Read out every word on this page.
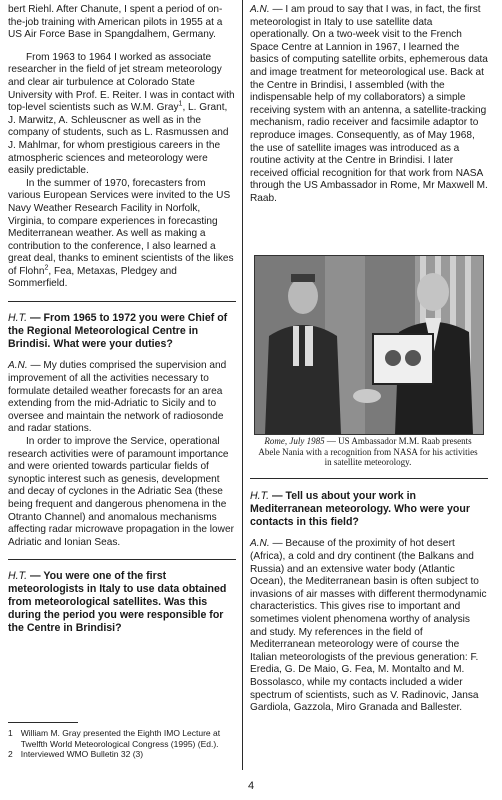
bert Riehl. After Chanute, I spent a period of on-the-job training with American pilots in 1955 at a US Air Force Base in Spangdalhem, Germany.

From 1963 to 1964 I worked as associate researcher in the field of jet stream meteorology and clear air turbulence at Colorado State University with Prof. E. Reiter. I was in contact with top-level scientists such as W.M. Gray$^1$, L. Grant, J. Marwitz, A. Schleuscner as well as in the company of students, such as L. Rasmussen and J. Mahlmar, for whom prestigious careers in the atmospheric sciences and meteorology were easily predictable.

In the summer of 1970, forecasters from various European Services were invited to the US Navy Weather Research Facility in Norfolk, Virginia, to compare experiences in forecasting Mediterranean weather. As well as making a contribution to the conference, I also learned a great deal, thanks to eminent scientists of the likes of Flohn$^2$, Fea, Metaxas, Pledgey and Sommerfield.

H.T. — From 1965 to 1972 you were Chief of the Regional Meteorological Centre in Brindisi. What were your duties?

A.N. — My duties comprised the supervision and improvement of all the activities necessary to formulate detailed weather forecasts for an area extending from the mid-Adriatic to Sicily and to oversee and maintain the network of radiosonde and radar stations.

In order to improve the Service, operational research activities were of paramount importance and were oriented towards particular fields of synoptic interest such as genesis, development and decay of cyclones in the Adriatic Sea (these being frequent and dangerous phenomena in the Otranto Channel) and anomalous mechanisms affecting radar microwave propagation in the lower Adriatic and Ionian Seas.

H.T. — You were one of the first meteorologists in Italy to use data obtained from meteorological satellites. Was this during the period you were responsible for the Centre in Brindisi?

1 William M. Gray presented the Eighth IMO Lecture at Twelfth World Meteorological Congress (1995) (Ed.).
2 Interviewed WMO Bulletin 32 (3)

A.N. — I am proud to say that I was, in fact, the first meteorologist in Italy to use satellite data operationally. On a two-week visit to the French Space Centre at Lannion in 1967, I learned the basics of computing satellite orbits, ephemerous data and image treatment for meteorological use. Back at the Centre in Brindisi, I assembled (with the indispensable help of my collaborators) a simple receiving system with an antenna, a satellite-tracking mechanism, radio receiver and facsimile adaptor to reproduce images. Consequently, as of May 1968, the use of satellite images was introduced as a routine activity at the Centre in Brindisi. I later received official recognition for that work from NASA through the US Ambassador in Rome, Mr Maxwell M. Raab.

Rome, July 1985 — US Ambassador M.M. Raab presents Abele Nania with a recognition from NASA for his activities in satellite meteorology.

H.T. — Tell us about your work in Mediterranean meteorology. Who were your contacts in this field?

A.N. — Because of the proximity of hot desert (Africa), a cold and dry continent (the Balkans and Russia) and an extensive water body (Atlantic Ocean), the Mediterranean basin is often subject to invasions of air masses with different thermodynamic characteristics. This gives rise to important and sometimes violent phenomena worthy of analysis and study. My references in the field of Mediterranean meteorology were of course the Italian meteorologists of the previous generation: F. Eredia, G. De Maio, G. Fea, M. Montalto and M. Bossolasco, while my contacts included a wider spectrum of scientists, such as V. Radinovic, Jansa Gardiola, Gazzola, Miro Granada and Ballester.

4
